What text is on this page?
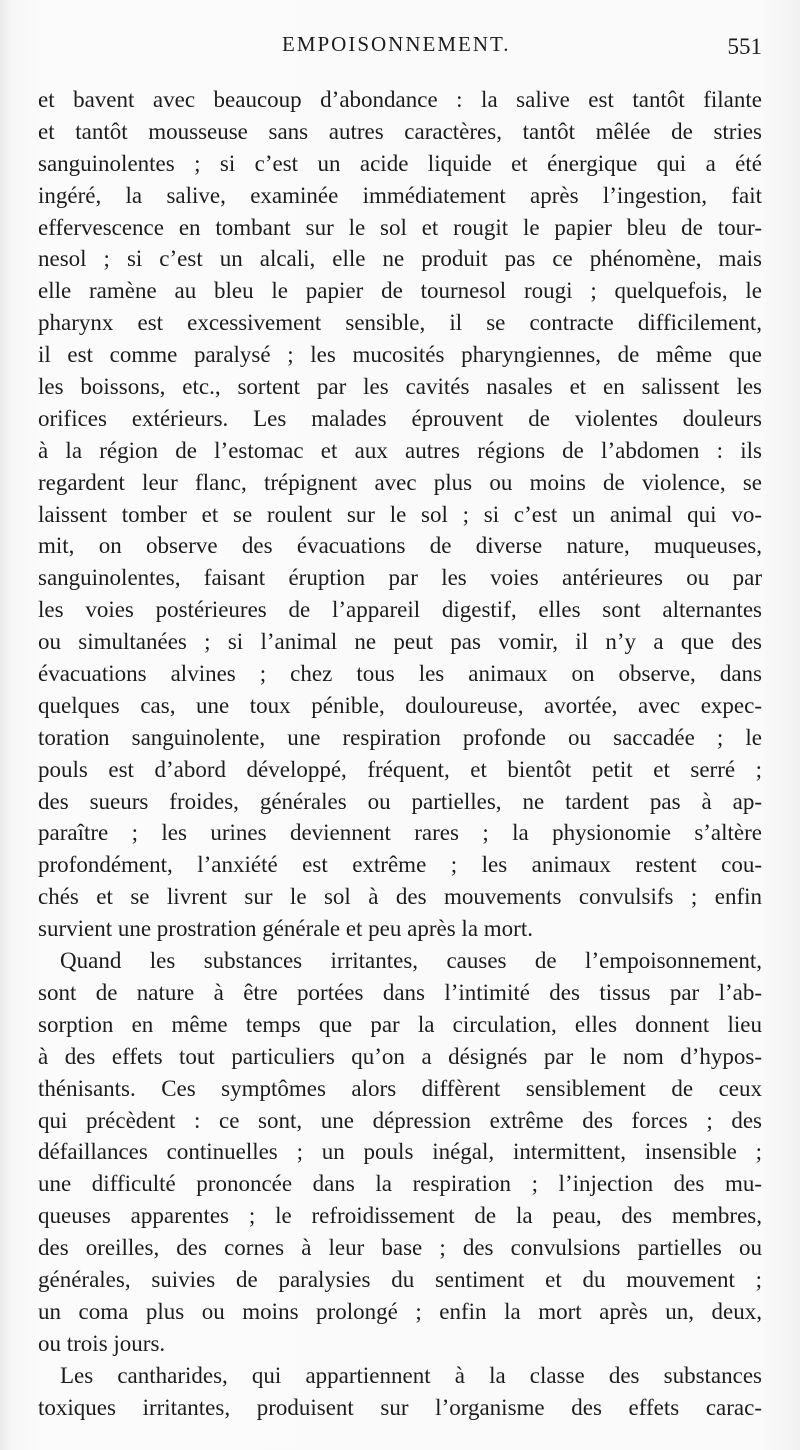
EMPOISONNEMENT.	551
et bavent avec beaucoup d’abondance : la salive est tantôt filante
et tantôt mousseuse sans autres caractères, tantôt mêlée de stries
sanguinolentes ; si c’est un acide liquide et énergique qui a été
ingéré, la salive, examinée immédiatement après l’ingestion, fait
effervescence en tombant sur le sol et rougit le papier bleu de tour-
nesol ; si c’est un alcali, elle ne produit pas ce phénomène, mais
elle ramène au bleu le papier de tournesol rougi ; quelquefois, le
pharynx est excessivement sensible, il se contracte difficilement,
il est comme paralysé ; les mucosités pharyngiennes, de même que
les boissons, etc., sortent par les cavités nasales et en salissent les
orifices extérieurs. Les malades éprouvent de violentes douleurs
à la région de l’estomac et aux autres régions de l’abdomen : ils
regardent leur flanc, trépignent avec plus ou moins de violence, se
laissent tomber et se roulent sur le sol ; si c’est un animal qui vo-
mit, on observe des évacuations de diverse nature, muqueuses,
sanguinolentes, faisant éruption par les voies antérieures ou par
les voies postérieures de l’appareil digestif, elles sont alternantes
ou simultanées ; si l’animal ne peut pas vomir, il n’y a que des
évacuations alvines ; chez tous les animaux on observe, dans
quelques cas, une toux pénible, douloureuse, avortée, avec expec-
toration sanguinolente, une respiration profonde ou saccadée ; le
pouls est d’abord développé, fréquent, et bientôt petit et serré ;
des sueurs froides, générales ou partielles, ne tardent pas à ap-
paraître ; les urines deviennent rares ; la physionomie s’altère
profondément, l’anxiété est extrême ; les animaux restent cou-
chés et se livrent sur le sol à des mouvements convulsifs ; enfin
survient une prostration générale et peu après la mort.
Quand les substances irritantes, causes de l’empoisonnement,
sont de nature à être portées dans l’intimité des tissus par l’ab-
sorption en même temps que par la circulation, elles donnent lieu
à des effets tout particuliers qu’on a désignés par le nom d’hypos-
thénisants. Ces symptômes alors diffèrent sensiblement de ceux
qui précèdent : ce sont, une dépression extrême des forces ; des
défaillances continuelles ; un pouls inégal, intermittent, insensible ;
une difficulté prononcée dans la respiration ; l’injection des mu-
queuses apparentes ; le refroidissement de la peau, des membres,
des oreilles, des cornes à leur base ; des convulsions partielles ou
générales, suivies de paralysies du sentiment et du mouvement ;
un coma plus ou moins prolongé ; enfin la mort après un, deux,
ou trois jours.
Les cantharides, qui appartiennent à la classe des substances
toxiques irritantes, produisent sur l’organisme des effets carac-
